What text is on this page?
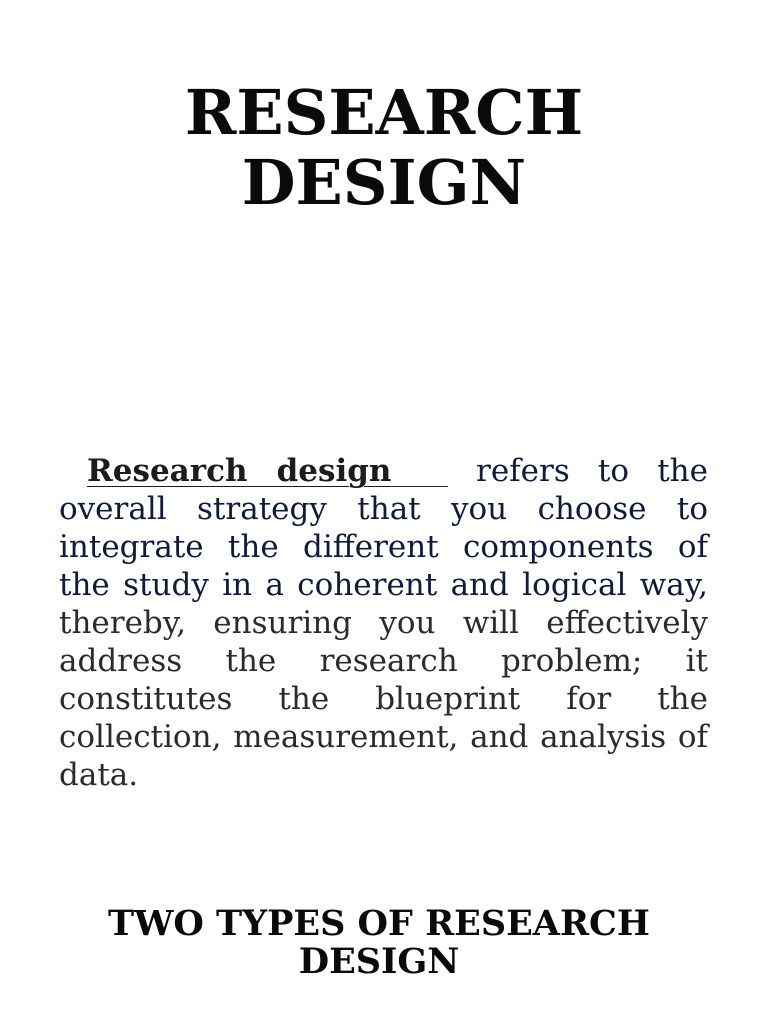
RESEARCH
DESIGN

Research design	refers to the overall strategy that you choose to integrate the different components of the study in a coherent and logical way, thereby, ensuring you will effectively address the research problem; it constitutes the blueprint for the collection, measurement, and analysis of data.

TWO TYPES OF RESEARCH
DESIGN
